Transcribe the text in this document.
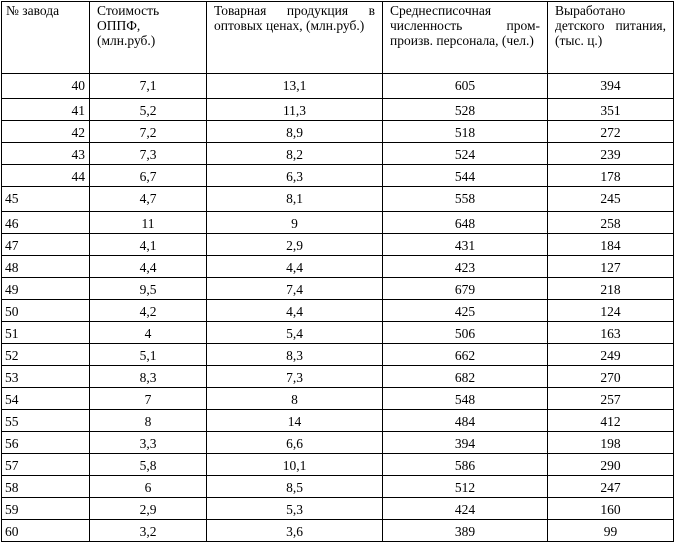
№ завода	Стоимость ОППФ, (млн.руб.)	Товарная продукция в оптовых ценах, (млн.руб.)	Среднесписочная численность пром-произв. персонала, (чел.)	Выработано детского питания, (тыс. ц.)
40	7,1	13,1	605	394
41	5,2	11,3	528	351
42	7,2	8,9	518	272
43	7,3	8,2	524	239
44	6,7	6,3	544	178
45	4,7	8,1	558	245
46	11	9	648	258
47	4,1	2,9	431	184
48	4,4	4,4	423	127
49	9,5	7,4	679	218
50	4,2	4,4	425	124
51	4	5,4	506	163
52	5,1	8,3	662	249
53	8,3	7,3	682	270
54	7	8	548	257
55	8	14	484	412
56	3,3	6,6	394	198
57	5,8	10,1	586	290
58	6	8,5	512	247
59	2,9	5,3	424	160
60	3,2	3,6	389	99
